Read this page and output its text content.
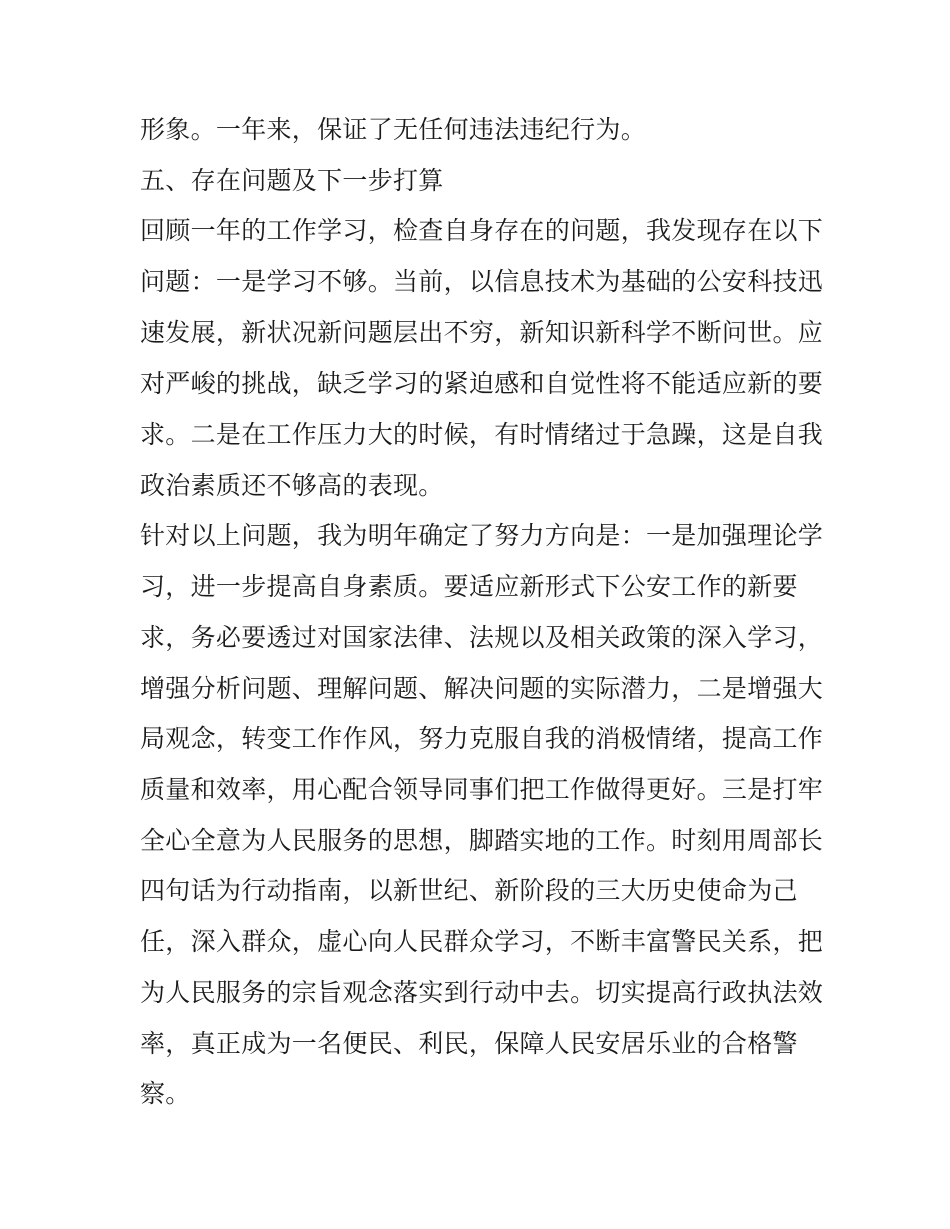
形象。一年来，保证了无任何违法违纪行为。
五、存在问题及下一步打算
回顾一年的工作学习，检查自身存在的问题，我发现存在以下
问题：一是学习不够。当前，以信息技术为基础的公安科技迅
速发展，新状况新问题层出不穷，新知识新科学不断问世。应
对严峻的挑战，缺乏学习的紧迫感和自觉性将不能适应新的要
求。二是在工作压力大的时候，有时情绪过于急躁，这是自我
政治素质还不够高的表现。
针对以上问题，我为明年确定了努力方向是：一是加强理论学
习，进一步提高自身素质。要适应新形式下公安工作的新要
求，务必要透过对国家法律、法规以及相关政策的深入学习，
增强分析问题、理解问题、解决问题的实际潜力，二是增强大
局观念，转变工作作风，努力克服自我的消极情绪，提高工作
质量和效率，用心配合领导同事们把工作做得更好。三是打牢
全心全意为人民服务的思想，脚踏实地的工作。时刻用周部长
四句话为行动指南，以新世纪、新阶段的三大历史使命为己
任，深入群众，虚心向人民群众学习，不断丰富警民关系，把
为人民服务的宗旨观念落实到行动中去。切实提高行政执法效
率，真正成为一名便民、利民，保障人民安居乐业的合格警
察。
